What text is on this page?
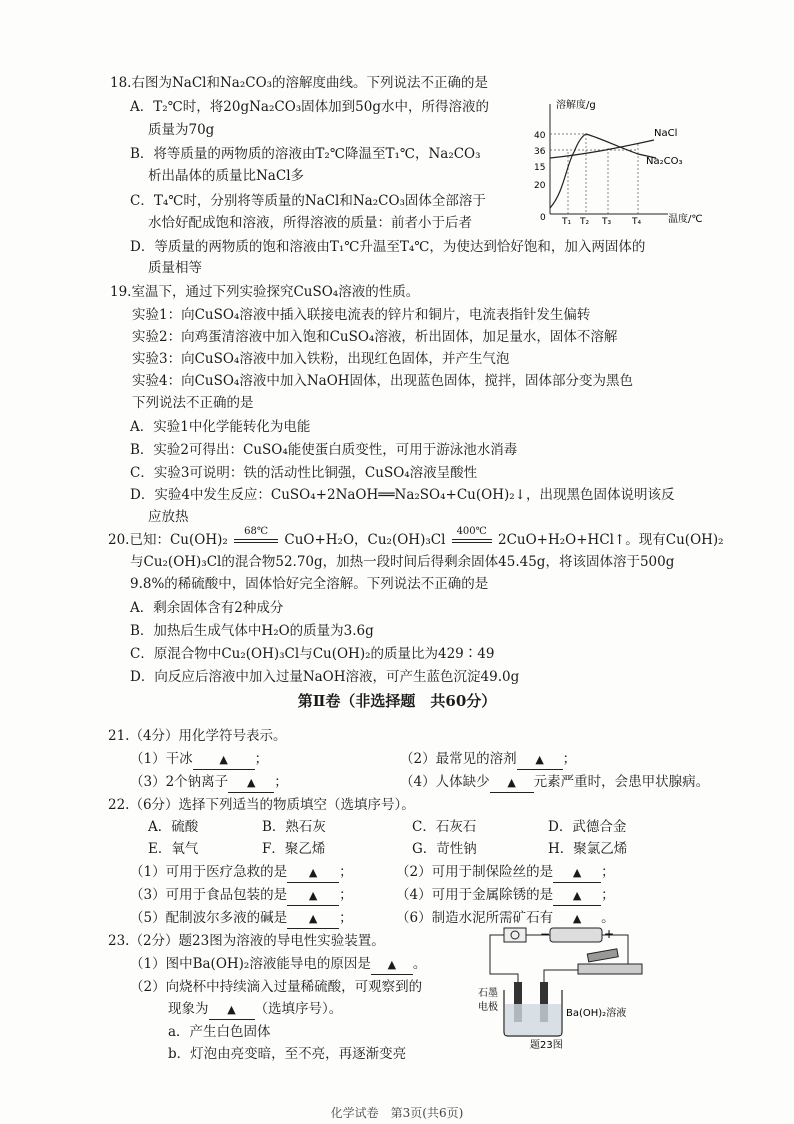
18.右图为NaCl和Na₂CO₃的溶解度曲线。下列说法不正确的是
A．T₂℃时，将20gNa₂CO₃固体加到50g水中，所得溶液的
质量为70g
B．将等质量的两物质的溶液由T₂℃降温至T₁℃，Na₂CO₃
析出晶体的质量比NaCl多
C．T₄℃时，分别将等质量的NaCl和Na₂CO₃固体全部溶于
水恰好配成饱和溶液，所得溶液的质量：前者小于后者
D．等质量的两物质的饱和溶液由T₁℃升温至T₄℃，为使达到恰好饱和，加入两固体的
质量相等
溶解度/g
温度/℃
0
40
36
15
20
NaCl
Na₂CO₃
T₁ T₂ T₃ T₄
19.室温下，通过下列实验探究CuSO₄溶液的性质。
实验1：向CuSO₄溶液中插入联接电流表的锌片和铜片，电流表指针发生偏转
实验2：向鸡蛋清溶液中加入饱和CuSO₄溶液，析出固体，加足量水，固体不溶解
实验3：向CuSO₄溶液中加入铁粉，出现红色固体，并产生气泡
实验4：向CuSO₄溶液中加入NaOH固体，出现蓝色固体，搅拌，固体部分变为黑色
下列说法不正确的是
A．实验1中化学能转化为电能
B．实验2可得出：CuSO₄能使蛋白质变性，可用于游泳池水消毒
C．实验3可说明：铁的活动性比铜强，CuSO₄溶液呈酸性
D．实验4中发生反应：CuSO₄+2NaOH══Na₂SO₄+Cu(OH)₂↓，出现黑色固体说明该反
应放热
20.已知：Cu(OH)₂
68℃
CuO+H₂O，Cu₂(OH)₃Cl
400℃
2CuO+H₂O+HCl↑。现有Cu(OH)₂
与Cu₂(OH)₃Cl的混合物52.70g，加热一段时间后得剩余固体45.45g，将该固体溶于500g
9.8%的稀硫酸中，固体恰好完全溶解。下列说法不正确的是
A．剩余固体含有2种成分
B．加热后生成气体中H₂O的质量为3.6g
C．原混合物中Cu₂(OH)₃Cl与Cu(OH)₂的质量比为429∶49
D．向反应后溶液中加入过量NaOH溶液，可产生蓝色沉淀49.0g
第Ⅱ卷（非选择题　共60分）
21.（4分）用化学符号表示。
（1）干冰 ▲ ；	（2）最常见的溶剂 ▲ ；
（3）2个钠离子 ▲ ；	（4）人体缺少 ▲ 元素严重时，会患甲状腺病。
22.（6分）选择下列适当的物质填空（选填序号）。
A．硫酸	B．熟石灰	C．石灰石	D．武德合金
E．氧气	F．聚乙烯	G．苛性钠	H．聚氯乙烯
（1）可用于医疗急救的是 ▲ ；	（2）可用于制保险丝的是 ▲ ；
（3）可用于食品包装的是 ▲ ；	（4）可用于金属除锈的是 ▲ ；
（5）配制波尔多液的碱是 ▲ ；	（6）制造水泥所需矿石有 ▲ 。
23.（2分）题23图为溶液的导电性实验装置。
（1）图中Ba(OH)₂溶液能导电的原因是 ▲ 。
（2）向烧杯中持续滴入过量稀硫酸，可观察到的
现象为 ▲ （选填序号）。
a．产生白色固体
b．灯泡由亮变暗，至不亮，再逐渐变亮
−	+
石墨
电极
Ba(OH)₂溶液
题23图
化学试卷　第3页(共6页)
